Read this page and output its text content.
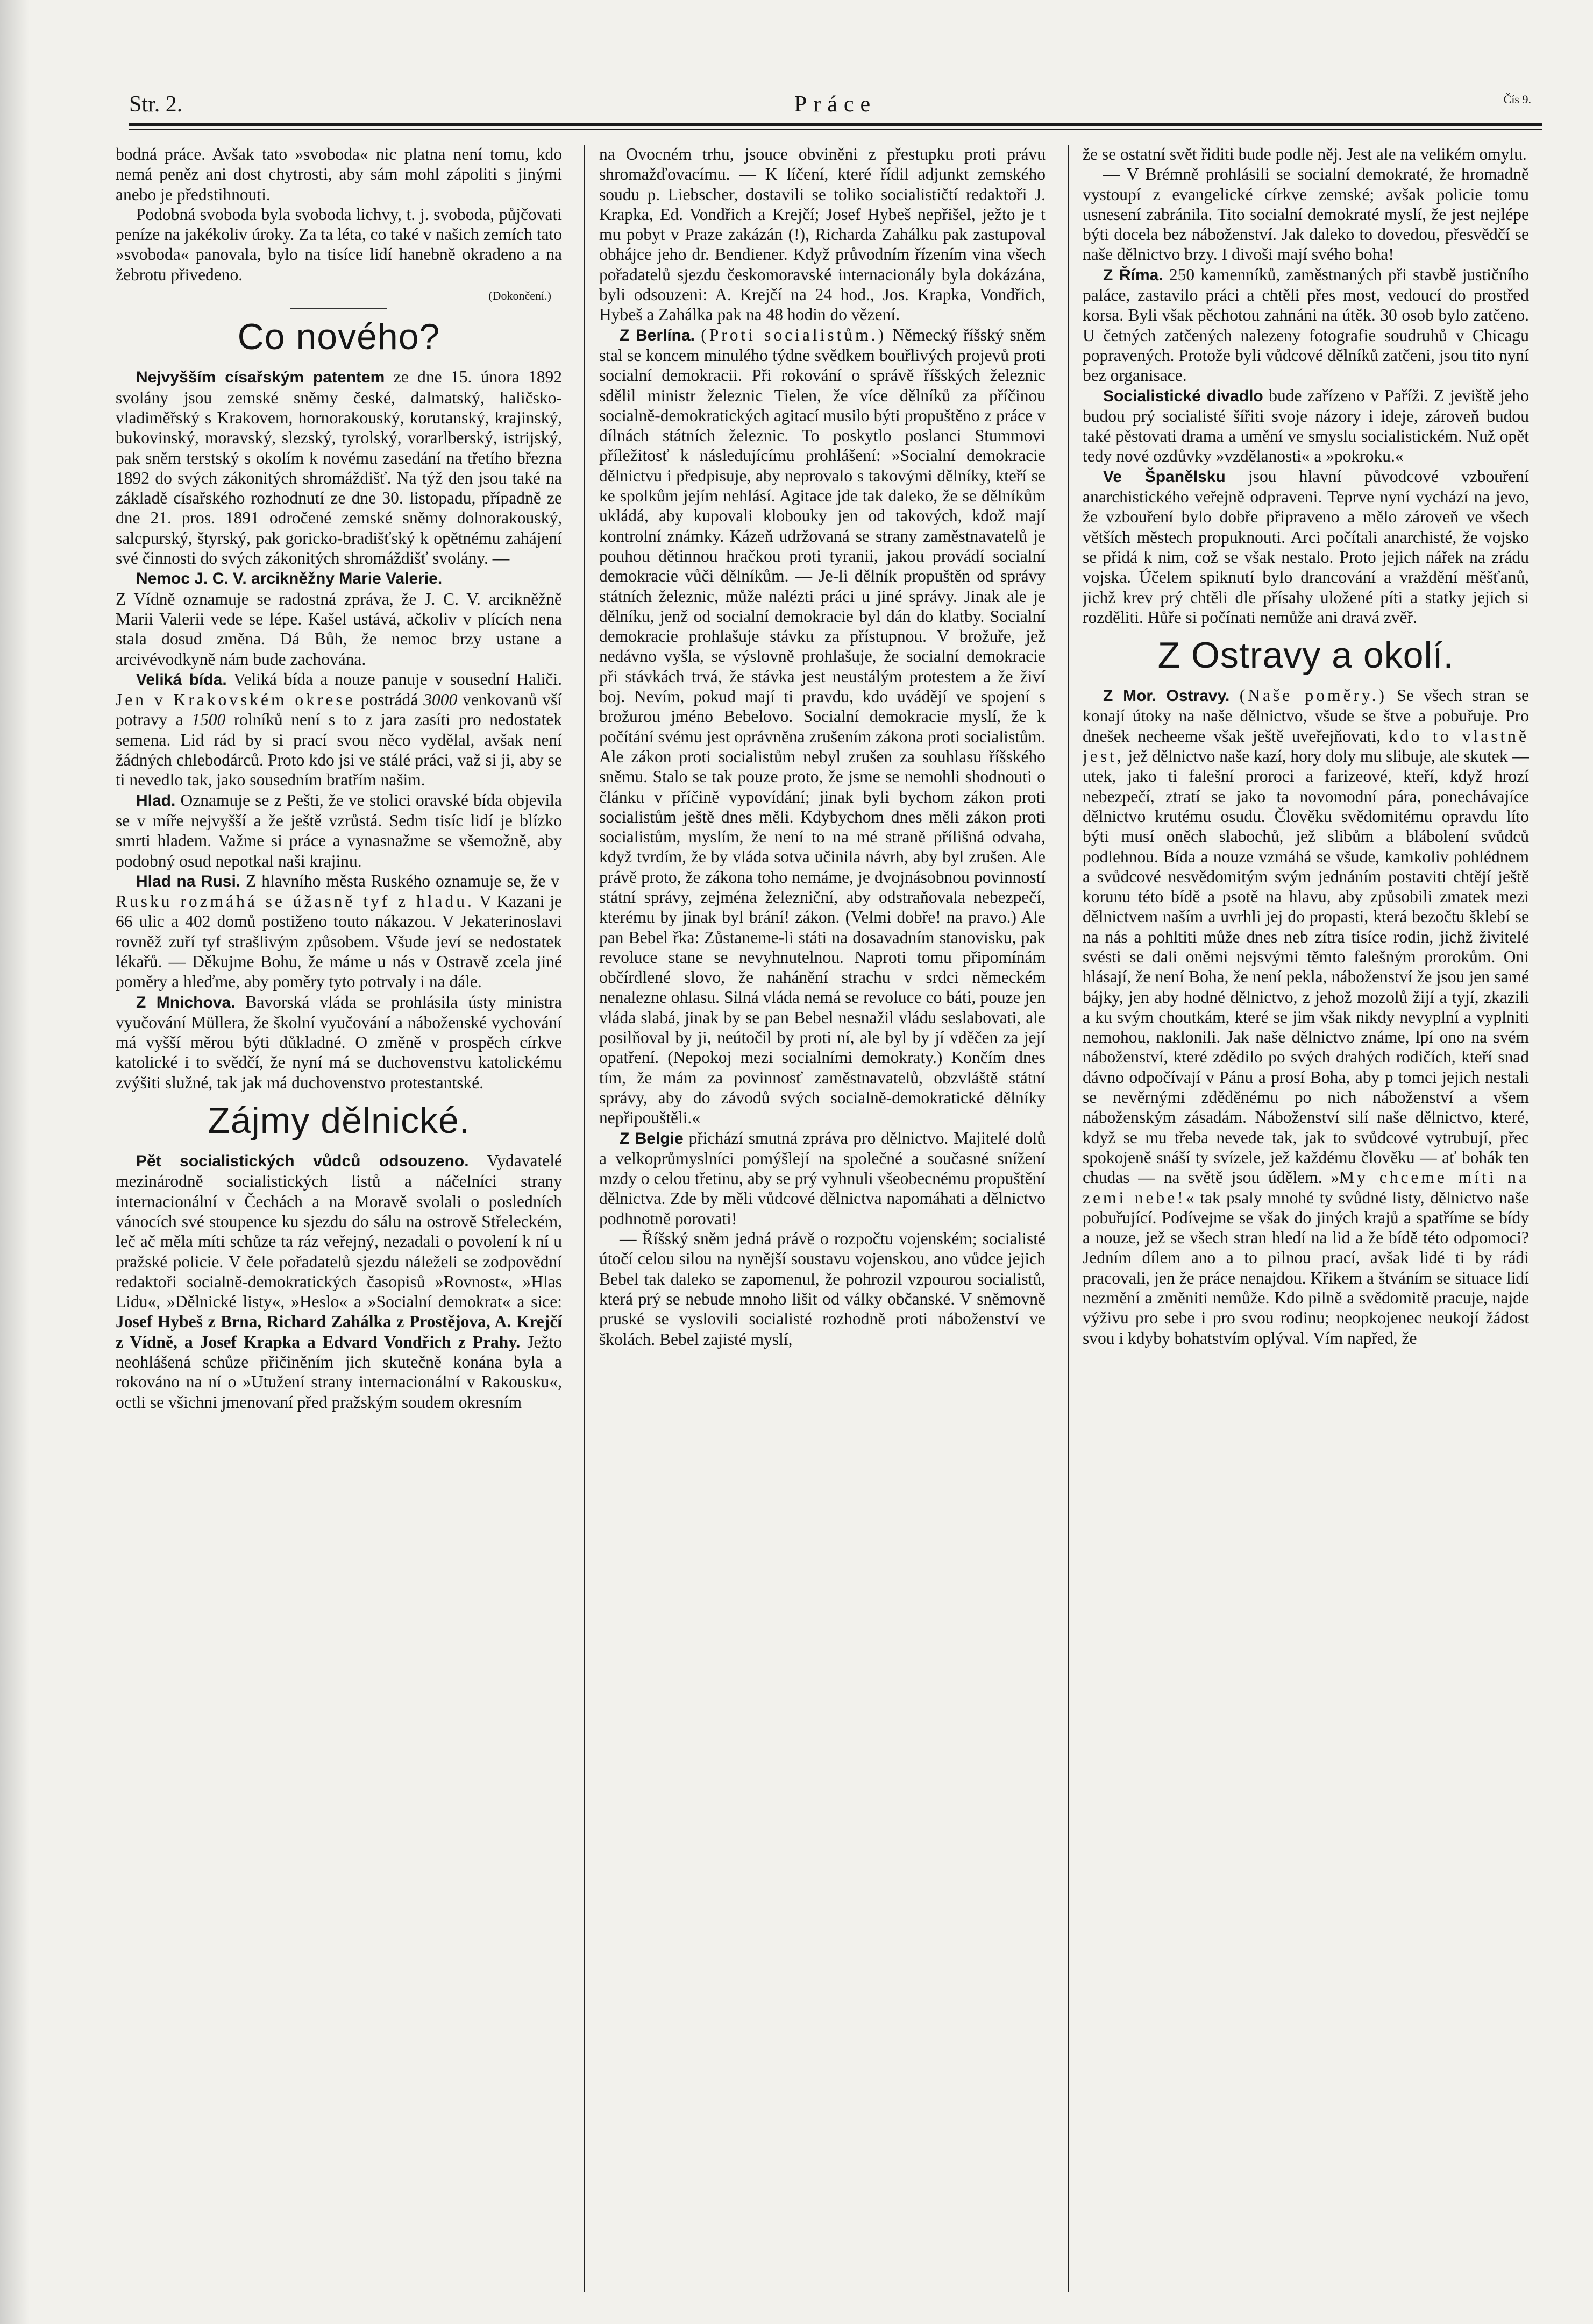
Str. 2.	Práce	Čís 9.

bodná práce. Avšak tato »svoboda« nic platna není tomu, kdo nemá peněz ani dost chytrosti, aby sám mohl zápoliti s jinými anebo je předstihnouti.

Podobná svoboda byla svoboda lichvy, t. j. svoboda, půjčovati peníze na jakékoliv úroky. Za ta léta, co také v našich zemích tato »svoboda« panovala, bylo na tisíce lidí hanebně okradeno a na žebrotu přivedeno.

(Dokončení.)
Co nového?

Nejvyšším císařským patentem ze dne 15. února 1892 svolány jsou zemské sněmy české, dalmatský, haličsko-vladiměřský s Krakovem, hornorakouský, korutanský, krajinský, bukovinský, moravský, slezský, tyrolský, vorarlberský, istrijský, pak sněm terstský s okolím k novému zasedání na třetího března 1892 do svých zákonitých shromáždišť. Na týž den jsou také na základě císařského rozhodnutí ze dne 30. listopadu, případně ze dne 21. pros. 1891 odročené zemské sněmy dolnorakouský, salcpurský, štyrský, pak goricko-bradišťský k opětnému zahájení své činnosti do svých zákonitých shromáždišť svolány. —

Nemoc J. C. V. arcikněžny Marie Valerie.

Z Vídně oznamuje se radostná zpráva, že J. C. V. arcikněžně Marii Valerii vede se lépe. Kašel ustává, ačkoliv v plících nena stala dosud změna. Dá Bůh, že nemoc brzy ustane a arcivévodkyně nám bude zachována.

Veliká bída. Veliká bída a nouze panuje v sousední Haliči. Jen v Krakovském okrese postrádá 3000 venkovanů vší potravy a 1500 rolníků není s to z jara zasíti pro nedostatek semena. Lid rád by si prací svou něco vydělal, avšak není žádných chlebodárců. Proto kdo jsi ve stálé práci, važ si ji, aby se ti nevedlo tak, jako sousedním bratřím našim.

Hlad. Oznamuje se z Pešti, že ve stolici oravské bída objevila se v míře nejvyšší a že ještě vzrůstá. Sedm tisíc lidí je blízko smrti hladem. Važme si práce a vynasnažme se všemožně, aby podobný osud nepotkal naši krajinu.

Hlad na Rusi. Z hlavního města Ruského oznamuje se, že v Rusku rozmáhá se úžasně tyf z hladu. V Kazani je 66 ulic a 402 domů postiženo touto nákazou. V Jekaterinoslavi rovněž zuří tyf strašlivým způsobem. Všude jeví se nedostatek lékařů. — Děkujme Bohu, že máme u nás v Ostravě zcela jiné poměry a hleďme, aby poměry tyto potrvaly i na dále.

Z Mnichova. Bavorská vláda se prohlásila ústy ministra vyučování Müllera, že školní vyučování a náboženské vychování má vyšší měrou býti důkladné. O změně v prospěch církve katolické i to svědčí, že nyní má se duchovenstvu katolickému zvýšiti služné, tak jak má duchovenstvo protestantské.

Zájmy dělnické.

Pět socialistických vůdců odsouzeno. Vydavatelé mezinárodně socialistických listů a náčelníci strany internacionální v Čechách a na Moravě svolali o posledních vánocích své stoupence ku sjezdu do sálu na ostrově Střeleckém, leč ač měla míti schůze ta ráz veřejný, nezadali o povolení k ní u pražské policie. V čele pořadatelů sjezdu náleželi se zodpovědní redaktoři socialně-demokratických časopisů »Rovnost«, »Hlas Lidu«, »Dělnické listy«, »Heslo« a »Socialní demokrat« a sice: Josef Hybeš z Brna, Richard Zahálka z Prostějova, A. Krejčí z Vídně, a Josef Krapka a Edvard Vondřich z Prahy. Ježto neohlášená schůze přičiněním jich skutečně konána byla a rokováno na ní o »Utužení strany internacionální v Rakousku«, octli se všichni jmenovaní před pražským soudem okresním

na Ovocném trhu, jsouce obviněni z přestupku proti právu shromažďovacímu. — K líčení, které řídil adjunkt zemského soudu p. Liebscher, dostavili se toliko socialističtí redaktoři J. Krapka, Ed. Vondřich a Krejčí; Josef Hybeš nepřišel, ježto je t mu pobyt v Praze zakázán (!), Richarda Zahálku pak zastupoval obhájce jeho dr. Bendiener. Když průvodním řízením vina všech pořadatelů sjezdu českomoravské internacionály byla dokázána, byli odsouzeni: A. Krejčí na 24 hod., Jos. Krapka, Vondřich, Hybeš a Zahálka pak na 48 hodin do vězení.

Z Berlína. (Proti socialistům.) Německý říšský sněm stal se koncem minulého týdne svědkem bouřlivých projevů proti socialní demokracii. Při rokování o správě říšských železnic sdělil ministr železnic Tielen, že více dělníků za příčinou socialně-demokratických agitací musilo býti propuštěno z práce v dílnách státních železnic. To poskytlo poslanci Stummovi příležitosť k následujícímu prohlášení: »Socialní demokracie dělnictvu i předpisuje, aby neprovalo s takovými dělníky, kteří se ke spolkům jejím nehlásí. Agitace jde tak daleko, že se dělníkům ukládá, aby kupovali klobouky jen od takových, kdož mají kontrolní známky. Kázeň udržovaná se strany zaměstnavatelů je pouhou dětinnou hračkou proti tyranii, jakou provádí socialní demokracie vůči dělníkům. — Je-li dělník propuštěn od správy státních železnic, může nalézti práci u jiné správy. Jinak ale je dělníku, jenž od socialní demokracie byl dán do klatby. Socialní demokracie prohlašuje stávku za přístupnou. V brožuře, jež nedávno vyšla, se výslovně prohlašuje, že socialní demokracie při stávkách trvá, že stávka jest neustálým protestem a že živí boj. Nevím, pokud mají ti pravdu, kdo uvádějí ve spojení s brožurou jméno Bebelovo. Socialní demokracie myslí, že k počítání svému jest oprávněna zrušením zákona proti socialistům. Ale zákon proti socialistům nebyl zrušen za souhlasu říšského sněmu. Stalo se tak pouze proto, že jsme se nemohli shodnouti o článku v příčině vypovídání; jinak byli bychom zákon proti socialistům ještě dnes měli. Kdybychom dnes měli zákon proti socialistům, myslím, že není to na mé straně přílišná odvaha, když tvrdím, že by vláda sotva učinila návrh, aby byl zrušen. Ale právě proto, že zákona toho nemáme, je dvojnásobnou povinností státní správy, zejména železniční, aby odstraňovala nebezpečí, kterému by jinak byl brání! zákon. (Velmi dobře! na pravo.) Ale pan Bebel řka: Zůstaneme-li státi na dosavadním stanovisku, pak revoluce stane se nevyhnutelnou. Naproti tomu připomínám občírdlené slovo, že nahánění strachu v srdci německém nenalezne ohlasu. Silná vláda nemá se revoluce co báti, pouze jen vláda slabá, jinak by se pan Bebel nesnažil vládu seslabovati, ale posilňoval by ji, neútočil by proti ní, ale byl by jí vděčen za její opatření. (Nepokoj mezi socialními demokraty.) Končím dnes tím, že mám za povinnosť zaměstnavatelů, obzvláště státní správy, aby do závodů svých socialně-demokratické dělníky nepřipouštěli.«

Z Belgie přichází smutná zpráva pro dělnictvo. Majitelé dolů a velkoprůmyslníci pomýšlejí na společné a současné snížení mzdy o celou třetinu, aby se prý vyhnuli všeobecnému propuštění dělnictva. Zde by měli vůdcové dělnictva napomáhati a dělnictvo podhnotně porovati!

— Říšský sněm jedná právě o rozpočtu vojenském; socialisté útočí celou silou na nynější soustavu vojenskou, ano vůdce jejich Bebel tak daleko se zapomenul, že pohrozil vzpourou socialistů, která prý se nebude mnoho lišit od války občanské. V sněmovně pruské se vyslovili socialisté rozhodně proti náboženství ve školách. Bebel zajisté myslí,

že se ostatní svět řiditi bude podle něj. Jest ale na velikém omylu.

— V Brémně prohlásili se socialní demokraté, že hromadně vystoupí z evangelické církve zemské; avšak policie tomu usnesení zabránila. Tito socialní demokraté myslí, že jest nejlépe býti docela bez náboženství. Jak daleko to dovedou, přesvědčí se naše dělnictvo brzy. I divoši mají svého boha!

Z Říma. 250 kamenníků, zaměstnaných při stavbě justičního paláce, zastavilo práci a chtěli přes most, vedoucí do prostřed korsa. Byli však pěchotou zahnáni na útěk. 30 osob bylo zatčeno. U četných zatčených nalezeny fotografie soudruhů v Chicagu popravených. Protože byli vůdcové dělníků zatčeni, jsou tito nyní bez organisace.

Socialistické divadlo bude zařízeno v Paříži. Z jeviště jeho budou prý socialisté šířiti svoje názory i ideje, zároveň budou také pěstovati drama a umění ve smyslu socialistickém. Nuž opět tedy nové ozdůvky »vzdělanosti« a »pokroku.«

Ve Španělsku jsou hlavní původcové vzbouření anarchistického veřejně odpraveni. Teprve nyní vychází na jevo, že vzbouření bylo dobře připraveno a mělo zároveň ve všech větších městech propuknouti. Arci počítali anarchisté, že vojsko se přidá k nim, což se však nestalo. Proto jejich nářek na zrádu vojska. Účelem spiknutí bylo drancování a vraždění měšťanů, jichž krev prý chtěli dle přísahy uložené píti a statky jejich si rozděliti. Hůře si počínati nemůže ani dravá zvěř.

Z Ostravy a okolí.

Z Mor. Ostravy. (Naše poměry.) Se všech stran se konají útoky na naše dělnictvo, všude se štve a pobuřuje. Pro dnešek necheeme však ještě uveřejňovati, kdo to vlastně jest, jež dělnictvo naše kazí, hory doly mu slibuje, ale skutek — utek, jako ti falešní proroci a farizeové, kteří, když hrozí nebezpečí, ztratí se jako ta novomodní pára, ponechávajíce dělnictvo krutému osudu. Člověku svědomitému opravdu líto býti musí oněch slabochů, jež slibům a blábolení svůdců podlehnou. Bída a nouze vzmáhá se všude, kamkoliv pohlédnem a svůdcové nesvědomitým svým jednáním postaviti chtějí ještě korunu této bídě a psotě na hlavu, aby způsobili zmatek mezi dělnictvem naším a uvrhli jej do propasti, která bezočtu šklebí se na nás a pohltiti může dnes neb zítra tisíce rodin, jichž živitelé svésti se dali oněmi nejsvými těmto falešným prorokům. Oni hlásají, že není Boha, že není pekla, náboženství že jsou jen samé bájky, jen aby hodné dělnictvo, z jehož mozolů žijí a tyjí, zkazili a ku svým choutkám, které se jim však nikdy nevyplní a vyplniti nemohou, naklonili. Jak naše dělnictvo známe, lpí ono na svém náboženství, které zdědilo po svých drahých rodičích, kteří snad dávno odpočívají v Pánu a prosí Boha, aby p tomci jejich nestali se nevěrnými zděděnému po nich náboženství a všem náboženským zásadám. Náboženství silí naše dělnictvo, které, když se mu třeba nevede tak, jak to svůdcové vytrubují, přec spokojeně snáší ty svízele, jež každému člověku — ať bohák ten chudas — na světě jsou údělem. »My chceme míti na zemi nebe!« tak psaly mnohé ty svůdné listy, dělnictvo naše pobuřující. Podívejme se však do jiných krajů a spatříme se bídy a nouze, jež se všech stran hledí na lid a že bídě této odpomoci? Jedním dílem ano a to pilnou prací, avšak lidé ti by rádi pracovali, jen že práce nenajdou. Křikem a štváním se situace lidí nezmění a změniti nemůže. Kdo pilně a svědomitě pracuje, najde výživu pro sebe i pro svou rodinu; neopkojenec neukojí žádost svou i kdyby bohatstvím oplýval. Vím napřed, že
